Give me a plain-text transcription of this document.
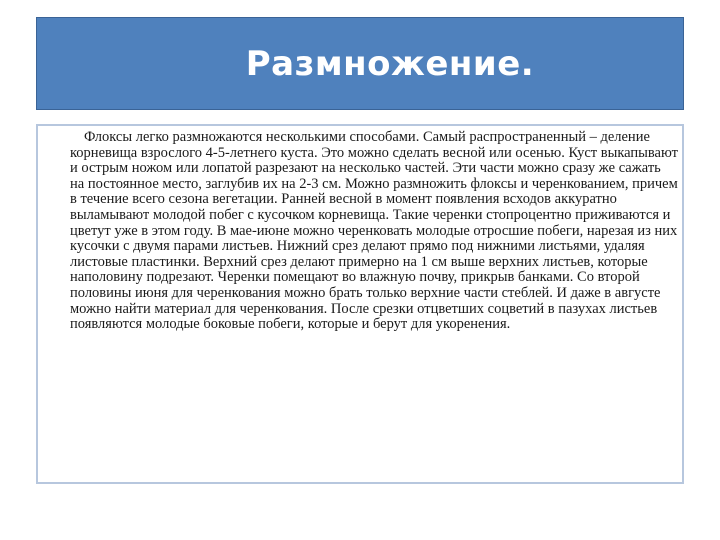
Размножение.

Флоксы легко размножаются несколькими способами. Самый распространенный – деление корневища взрослого 4-5-летнего куста. Это можно сделать весной или осенью. Куст выкапывают и острым ножом или лопатой разрезают на несколько частей. Эти части можно сразу же сажать на постоянное место, заглубив их на 2-3 см. Можно размножить флоксы и черенкованием, причем в течение всего сезона вегетации. Ранней весной в момент появления всходов аккуратно выламывают молодой побег с кусочком корневища. Такие черенки стопроцентно приживаются и цветут уже в этом году. В мае-июне можно черенковать молодые отросшие побеги, нарезая из них кусочки с двумя парами листьев. Нижний срез делают прямо под нижними листьями, удаляя листовые пластинки. Верхний срез делают примерно на 1 см выше верхних листьев, которые наполовину подрезают. Черенки помещают во влажную почву, прикрыв банками. Со второй половины июня для черенкования можно брать только верхние части стеблей. И даже в августе можно найти материал для черенкования. После срезки отцветших соцветий в пазухах листьев появляются молодые боковые побеги, которые и берут для укоренения.
